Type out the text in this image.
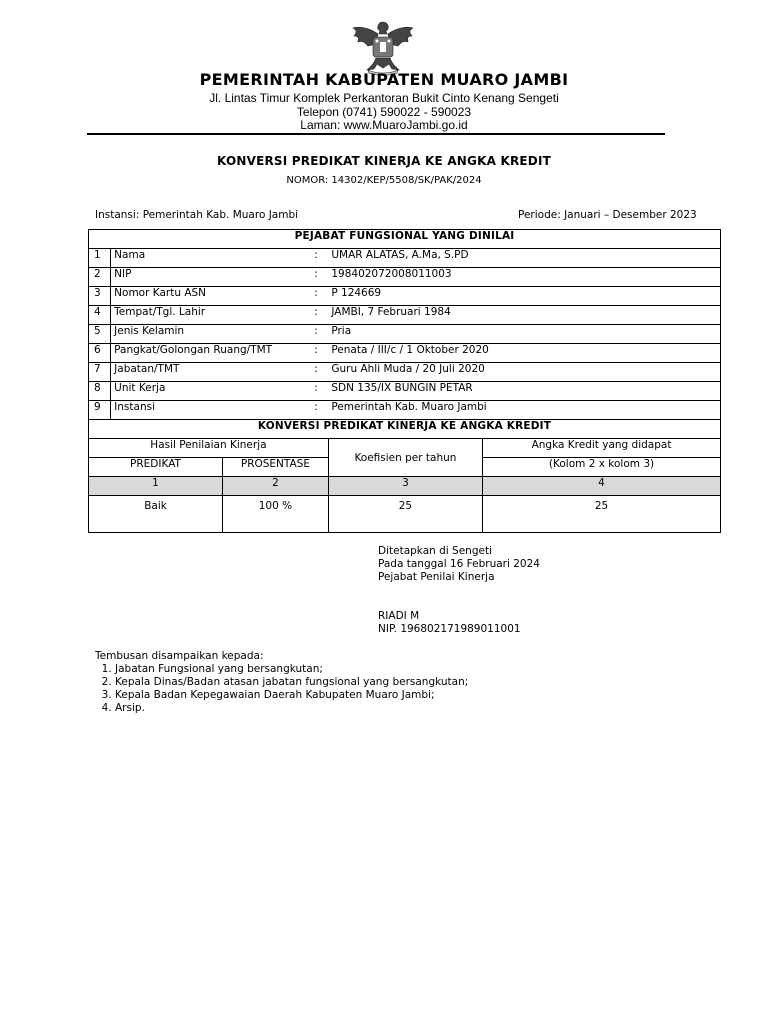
PEMERINTAH KABUPATEN MUARO JAMBI
Jl. Lintas Timur Komplek Perkantoran Bukit Cinto Kenang Sengeti
Telepon (0741) 590022 - 590023
Laman: www.MuaroJambi.go.id
KONVERSI PREDIKAT KINERJA KE ANGKA KREDIT
NOMOR: 14302/KEP/5508/SK/PAK/2024
Instansi: Pemerintah Kab. Muaro Jambi	Periode: Januari – Desember 2023
PEJABAT FUNGSIONAL YANG DINILAI					
1	Nama		:	UMAR ALATAS, A.Ma, S.PD	
2	NIP		:	198402072008011003	
3	Nomor Kartu ASN		:	P 124669	
4	Tempat/Tgl. Lahir		:	JAMBI, 7 Februari 1984	
5	Jenis Kelamin		:	Pria	
6	Pangkat/Golongan Ruang/TMT		:	Penata / III/c / 1 Oktober 2020	
7	Jabatan/TMT		:	Guru Ahli Muda / 20 Juli 2020	
8	Unit Kerja		:	SDN 135/IX BUNGIN PETAR	
9	Instansi		:	Pemerintah Kab. Muaro Jambi	
KONVERSI PREDIKAT KINERJA KE ANGKA KREDIT					
Hasil Penilaian Kinerja				Koefisien per tahun	Angka Kredit yang didapat
PREDIKAT		PROSENTASE			(Kolom 2 x kolom 3)
1		2		3	4
Baik		100 %		25	25
Ditetapkan di Sengeti
Pada tanggal 16 Februari 2024
Pejabat Penilai Kinerja
RIADI M
NIP. 196802171989011001
Tembusan disampaikan kepada:
1. Jabatan Fungsional yang bersangkutan;
2. Kepala Dinas/Badan atasan jabatan fungsional yang bersangkutan;
3. Kepala Badan Kepegawaian Daerah Kabupaten Muaro Jambi;
4. Arsip.
